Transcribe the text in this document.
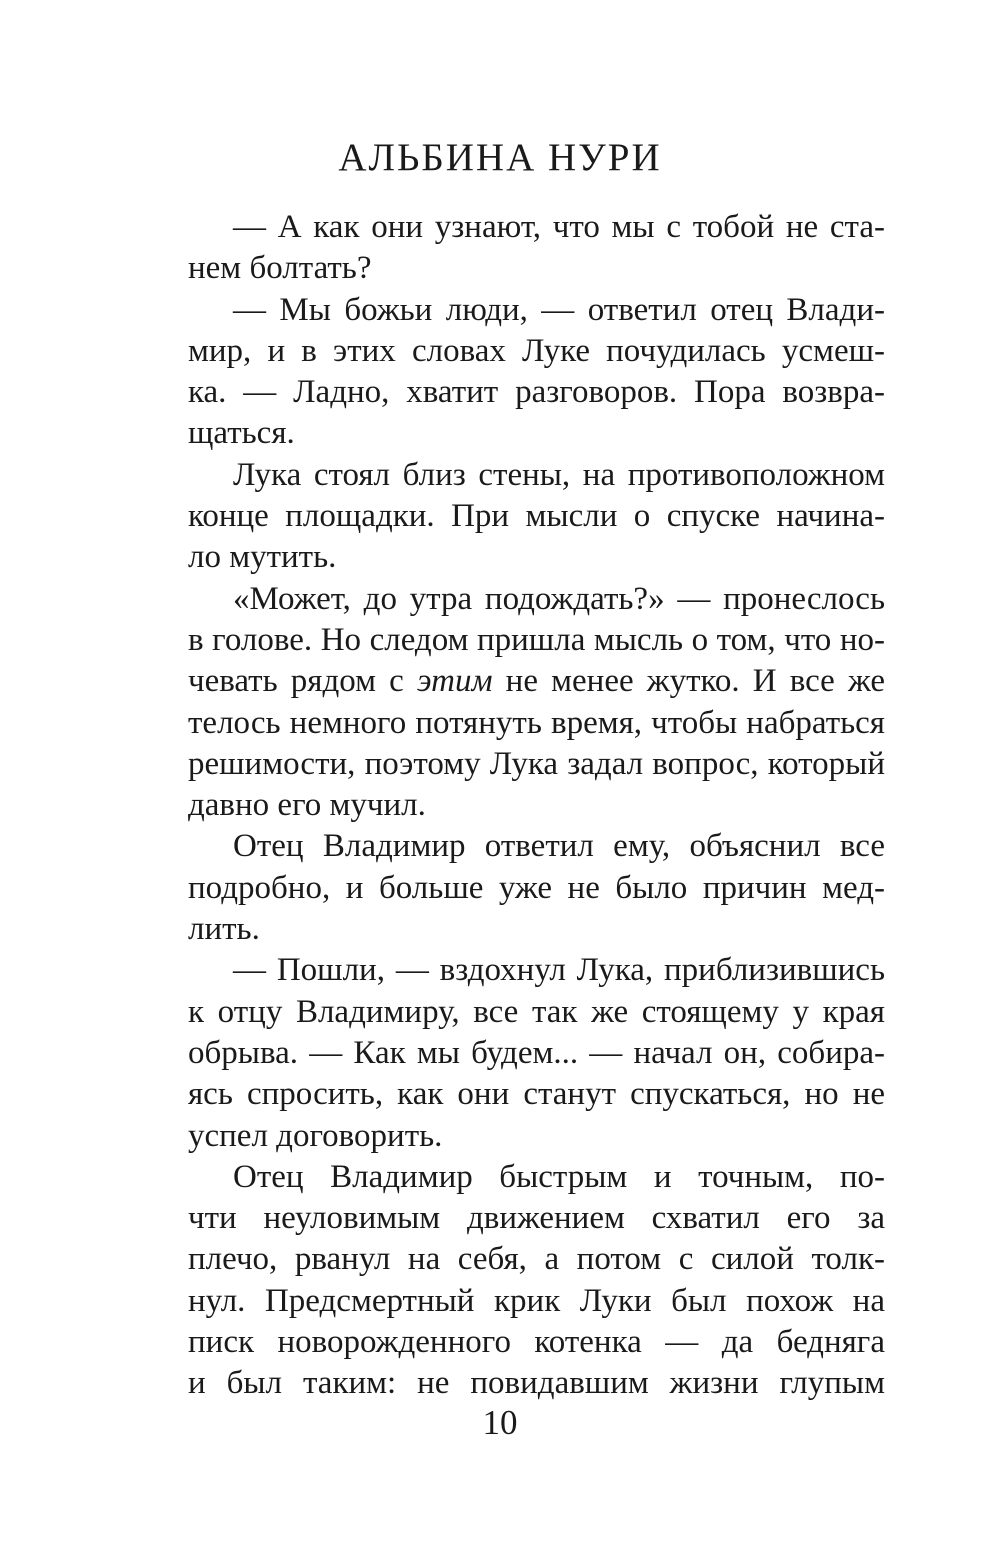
АЛЬБИНА НУРИ
— А как они узнают, что мы с тобой не ста-
нем болтать?
— Мы божьи люди, — ответил отец Влади-
мир, и в этих словах Луке почудилась усмеш-
ка. — Ладно, хватит разговоров. Пора возвра-
щаться.
Лука стоял близ стены, на противоположном
конце площадки. При мысли о спуске начина-
ло мутить.
«Может, до утра подождать?» — пронеслось
в голове. Но следом пришла мысль о том, что но-
чевать рядом с этим не менее жутко. И все же
телось немного потянуть время, чтобы набраться
решимости, поэтому Лука задал вопрос, который
давно его мучил.
Отец Владимир ответил ему, объяснил все
подробно, и больше уже не было причин мед-
лить.
— Пошли, — вздохнул Лука, приблизившись
к отцу Владимиру, все так же стоящему у края
обрыва. — Как мы будем... — начал он, собира-
ясь спросить, как они станут спускаться, но не
успел договорить.
Отец Владимир быстрым и точным, по-
чти неуловимым движением схватил его за
плечо, рванул на себя, а потом с силой толк-
нул. Предсмертный крик Луки был похож на
писк новорожденного котенка — да бедняга
и был таким: не повидавшим жизни глупым
10
